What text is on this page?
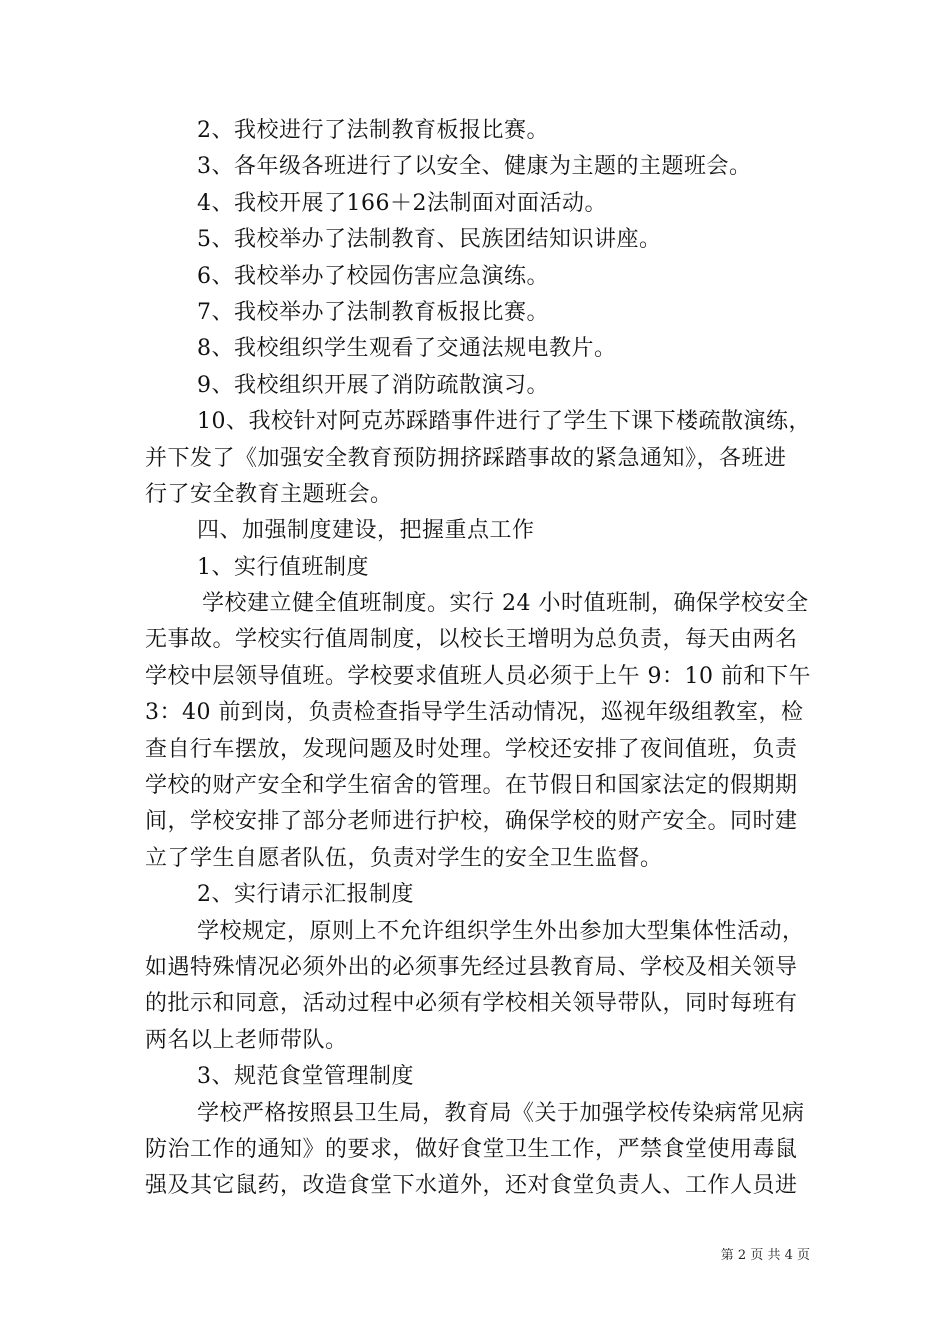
2、我校进行了法制教育板报比赛。
3、各年级各班进行了以安全、健康为主题的主题班会。
4、我校开展了166＋2法制面对面活动。
5、我校举办了法制教育、民族团结知识讲座。
6、我校举办了校园伤害应急演练。
7、我校举办了法制教育板报比赛。
8、我校组织学生观看了交通法规电教片。
9、我校组织开展了消防疏散演习。
10、我校针对阿克苏踩踏事件进行了学生下课下楼疏散演练，
并下发了《加强安全教育预防拥挤踩踏事故的紧急通知》，各班进
行了安全教育主题班会。
四、加强制度建设，把握重点工作
1、实行值班制度
学校建立健全值班制度。实行 24 小时值班制，确保学校安全
无事故。学校实行值周制度，以校长王增明为总负责，每天由两名
学校中层领导值班。学校要求值班人员必须于上午 9：10 前和下午
3：40 前到岗，负责检查指导学生活动情况，巡视年级组教室，检
查自行车摆放，发现问题及时处理。学校还安排了夜间值班，负责
学校的财产安全和学生宿舍的管理。在节假日和国家法定的假期期
间，学校安排了部分老师进行护校，确保学校的财产安全。同时建
立了学生自愿者队伍，负责对学生的安全卫生监督。
2、实行请示汇报制度
学校规定，原则上不允许组织学生外出参加大型集体性活动，
如遇特殊情况必须外出的必须事先经过县教育局、学校及相关领导
的批示和同意，活动过程中必须有学校相关领导带队，同时每班有
两名以上老师带队。
3、规范食堂管理制度
学校严格按照县卫生局，教育局《关于加强学校传染病常见病
防治工作的通知》的要求，做好食堂卫生工作，严禁食堂使用毒鼠
强及其它鼠药，改造食堂下水道外，还对食堂负责人、工作人员进
第 2 页 共 4 页
